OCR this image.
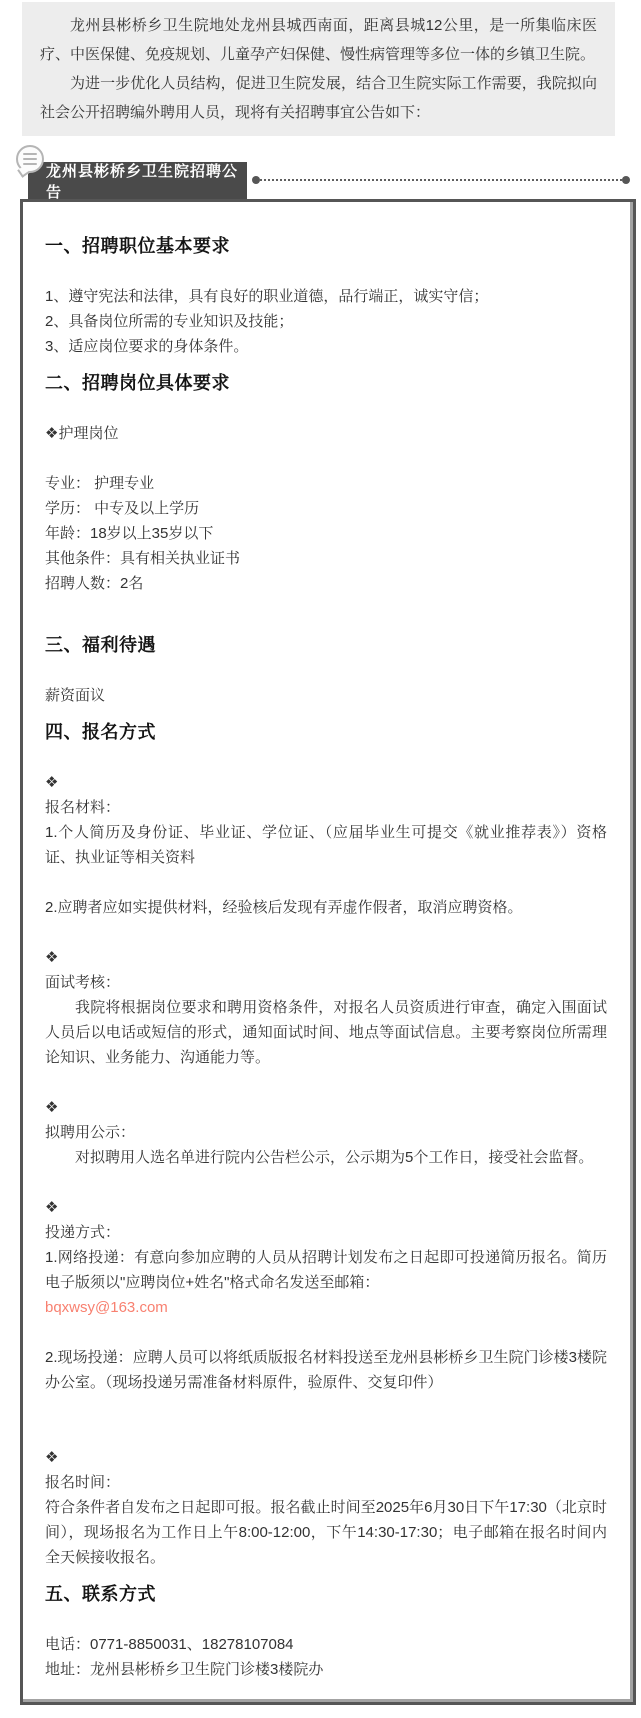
龙州县彬桥乡卫生院地处龙州县城西南面，距离县城12公里，是一所集临床医疗、中医保健、免疫规划、儿童孕产妇保健、慢性病管理等多位一体的乡镇卫生院。

为进一步优化人员结构，促进卫生院发展，结合卫生院实际工作需要，我院拟向社会公开招聘编外聘用人员，现将有关招聘事宜公告如下：

龙州县彬桥乡卫生院招聘公告
一、招聘职位基本要求

1、遵守宪法和法律，具有良好的职业道德，品行端正，诚实守信；

2、具备岗位所需的专业知识及技能；

3、适应岗位要求的身体条件。

二、招聘岗位具体要求

❖护理岗位

专业： 护理专业

学历： 中专及以上学历

年龄：18岁以上35岁以下

其他条件：具有相关执业证书

招聘人数：2名

三、福利待遇

薪资面议

四、报名方式

❖

报名材料：

1.个人简历及身份证、毕业证、学位证、（应届毕业生可提交《就业推荐表》）资格证、执业证等相关资料

2.应聘者应如实提供材料，经验核后发现有弄虚作假者，取消应聘资格。

❖

面试考核：

我院将根据岗位要求和聘用资格条件，对报名人员资质进行审查，确定入围面试人员后以电话或短信的形式，通知面试时间、地点等面试信息。主要考察岗位所需理论知识、业务能力、沟通能力等。

❖

拟聘用公示：

对拟聘用人选名单进行院内公告栏公示，公示期为5个工作日，接受社会监督。

❖

投递方式：

1.网络投递：有意向参加应聘的人员从招聘计划发布之日起即可投递简历报名。简历电子版须以"应聘岗位+姓名"格式命名发送至邮箱：

bqxwsy@163.com

2.现场投递：应聘人员可以将纸质版报名材料投送至龙州县彬桥乡卫生院门诊楼3楼院办公室。（现场投递另需准备材料原件，验原件、交复印件）

❖

报名时间：

符合条件者自发布之日起即可报。报名截止时间至2025年6月30日下午17:30（北京时间），现场报名为工作日上午8:00-12:00，下午14:30-17:30；电子邮箱在报名时间内全天候接收报名。

五、联系方式

电话：0771-8850031、18278107084

地址：龙州县彬桥乡卫生院门诊楼3楼院办
